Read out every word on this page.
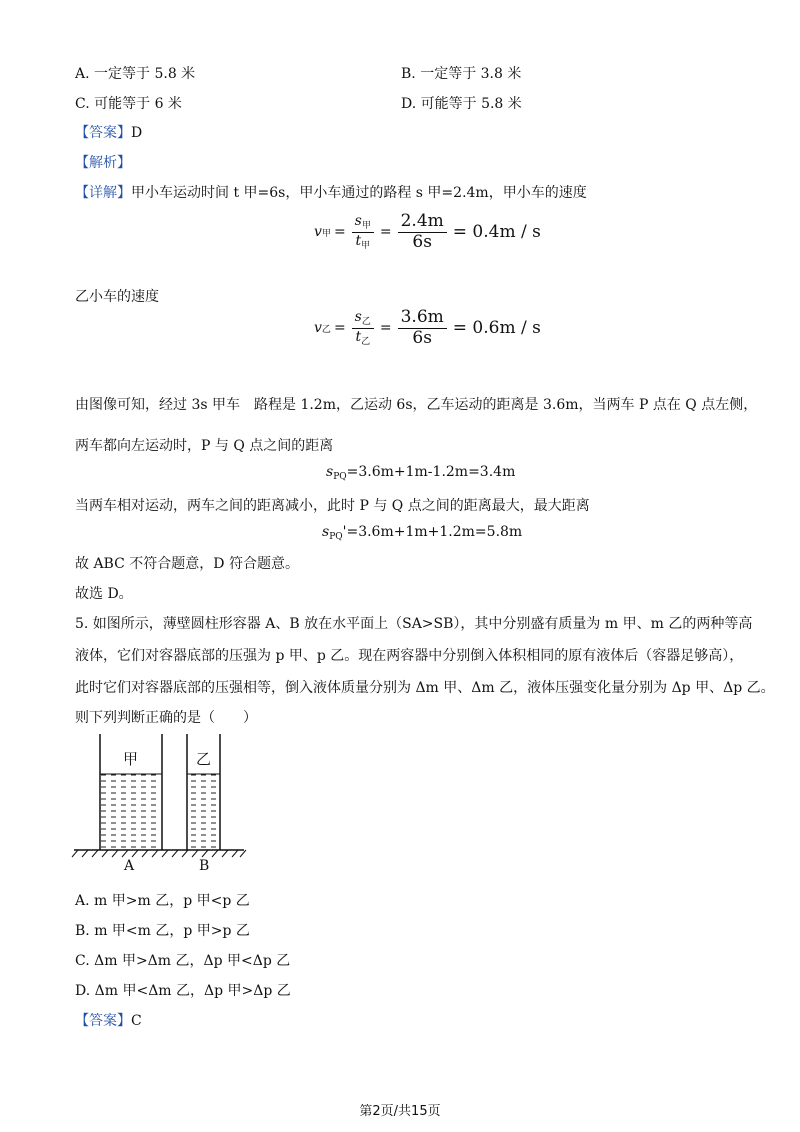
A. 一定等于 5.8 米	B. 一定等于 3.8 米
C. 可能等于 6 米	D. 可能等于 5.8 米
【答案】D
【解析】
【详解】甲小车运动时间 t 甲=6s，甲小车通过的路程 s 甲=2.4m，甲小车的速度
v 甲 = $\frac{s_甲}{t_甲} = \frac{2.4m}{6s} = 0.4m / s$
乙小车的速度
v 乙 = $\frac{s_乙}{t_乙} = \frac{3.6m}{6s} = 0.6m / s$
由图像可知，经过 3s 甲车　路程是 1.2m，乙运动 6s，乙车运动的距离是 3.6m，当两车 P 点在 Q 点左侧，
两车都向左运动时，P 与 Q 点之间的距离
$s_{PQ}=3.6m+1m-1.2m=3.4m$
当两车相对运动，两车之间的距离减小，此时 P 与 Q 点之间的距离最大，最大距离
$s_{PQ}'=3.6m+1m+1.2m=5.8m$
故 ABC 不符合题意，D 符合题意。
故选 D。
5. 如图所示，薄壁圆柱形容器 A、B 放在水平面上（SA>SB），其中分别盛有质量为 m 甲、m 乙的两种等高
液体，它们对容器底部的压强为 p 甲、p 乙。现在两容器中分别倒入体积相同的原有液体后（容器足够高），
此时它们对容器底部的压强相等，倒入液体质量分别为 Δm 甲、Δm 乙，液体压强变化量分别为 Δp 甲、Δp 乙。
则下列判断正确的是（　　）
甲	乙
A	B
A. m 甲>m 乙，p 甲<p 乙
B. m 甲<m 乙，p 甲>p 乙
C. Δm 甲>Δm 乙，Δp 甲<Δp 乙
D. Δm 甲<Δm 乙，Δp 甲>Δp 乙
【答案】C
第2页/共15页
